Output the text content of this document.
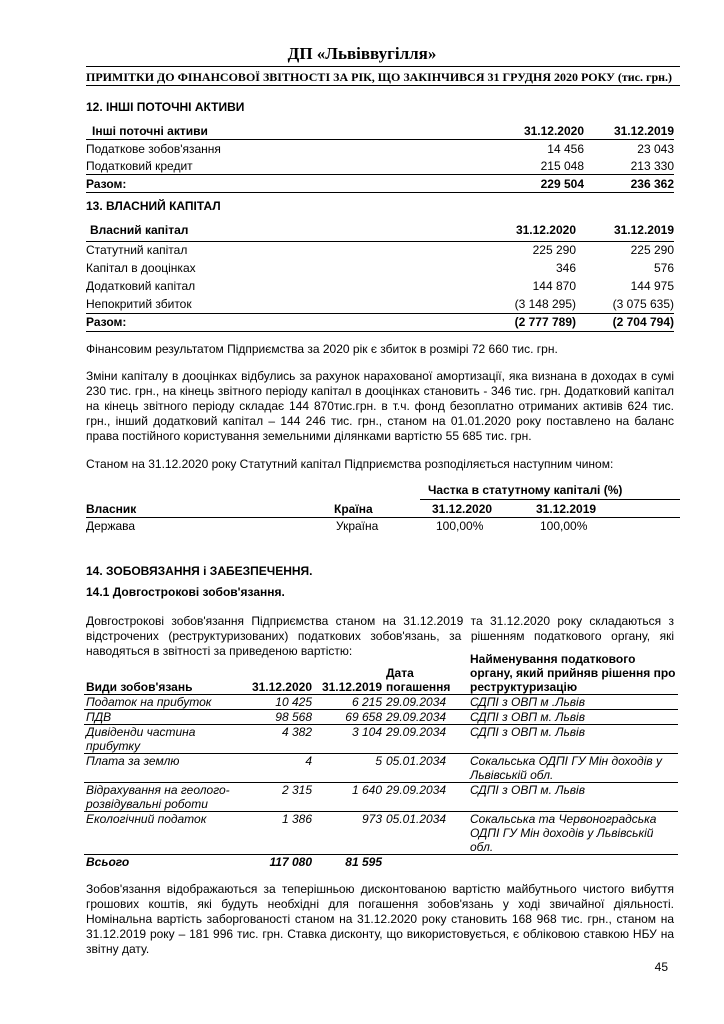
ДП «Львіввугілля»
ПРИМІТКИ ДО ФІНАНСОВОЇ ЗВІТНОСТІ ЗА РІК, ЩО ЗАКІНЧИВСЯ 31 ГРУДНЯ 2020 РОКУ (тис. грн.)
12. ІНШІ ПОТОЧНІ АКТИВИ
Інші поточні активи	31.12.2020	31.12.2019
Податкове зобов'язання	14 456	23 043
Податковий кредит	215 048	213 330
Разом:	229 504	236 362
13. ВЛАСНИЙ КАПІТАЛ
Власний капітал	31.12.2020	31.12.2019
Статутний капітал	225 290	225 290
Капітал в дооцінках	346	576
Додатковий капітал	144 870	144 975
Непокритий збиток	(3 148 295)	(3 075 635)
Разом:	(2 777 789)	(2 704 794)
Фінансовим результатом Підприємства за 2020 рік є збиток в розмірі 72 660 тис. грн.
Зміни капіталу в дооцінках відбулись за рахунок нарахованої амортизації, яка визнана в доходах в сумі 230 тис. грн., на кінець звітного періоду капітал в дооцінках становить - 346 тис. грн. Додатковий капітал на кінець звітного періоду складає 144 870тис.грн. в т.ч. фонд безоплатно отриманих активів 624 тис. грн., інший додатковий капітал – 144 246 тис. грн., станом на 01.01.2020 року поставлено на баланс права постійного користування земельними ділянками вартістю 55 685 тис. грн.
Станом на 31.12.2020 року Статутний капітал Підприємства розподіляється наступним чином:
Частка в статутному капіталі (%)
Власник	Країна	31.12.2020	31.12.2019
Держава	Україна	100,00%	100,00%
14. ЗОБОВЯЗАННЯ і ЗАБЕЗПЕЧЕННЯ.
14.1 Довгострокові зобов'язання.
Довгострокові зобов'язання Підприємства станом на 31.12.2019 та 31.12.2020 року складаються з відстрочених (реструктуризованих) податкових зобов'язань, за рішенням податкового органу, які наводяться в звітності за приведеною вартістю:
Види зобов'язань	31.12.2020	31.12.2019	Дата погашення	Найменування податкового органу, який прийняв рішення про реструктуризацію
Податок на прибуток	10 425	6 215	29.09.2034	СДПІ з ОВП м .Львів
ПДВ	98 568	69 658	29.09.2034	СДПІ з ОВП м. Львів
Дивіденди частина прибутку	4 382	3 104	29.09.2034	СДПІ з ОВП м. Львів
Плата за землю	4	5	05.01.2034	Сокальська ОДПІ ГУ Мін доходів у Львівській обл.
Відрахування на геолого-розвідувальні роботи	2 315	1 640	29.09.2034	СДПІ з ОВП м. Львів
Екологічний податок	1 386	973	05.01.2034	Сокальська та Червоноградська ОДПІ ГУ Мін доходів у Львівській обл.
Всього	117 080	81 595		
Зобов'язання відображаються за теперішньою дисконтованою вартістю майбутнього чистого вибуття грошових коштів, які будуть необхідні для погашення зобов'язань у ході звичайної діяльності. Номінальна вартість заборгованості станом на 31.12.2020 року становить 168 968 тис. грн., станом на 31.12.2019 року – 181 996 тис. грн. Ставка дисконту, що використовується, є обліковою ставкою НБУ на звітну дату.
45
